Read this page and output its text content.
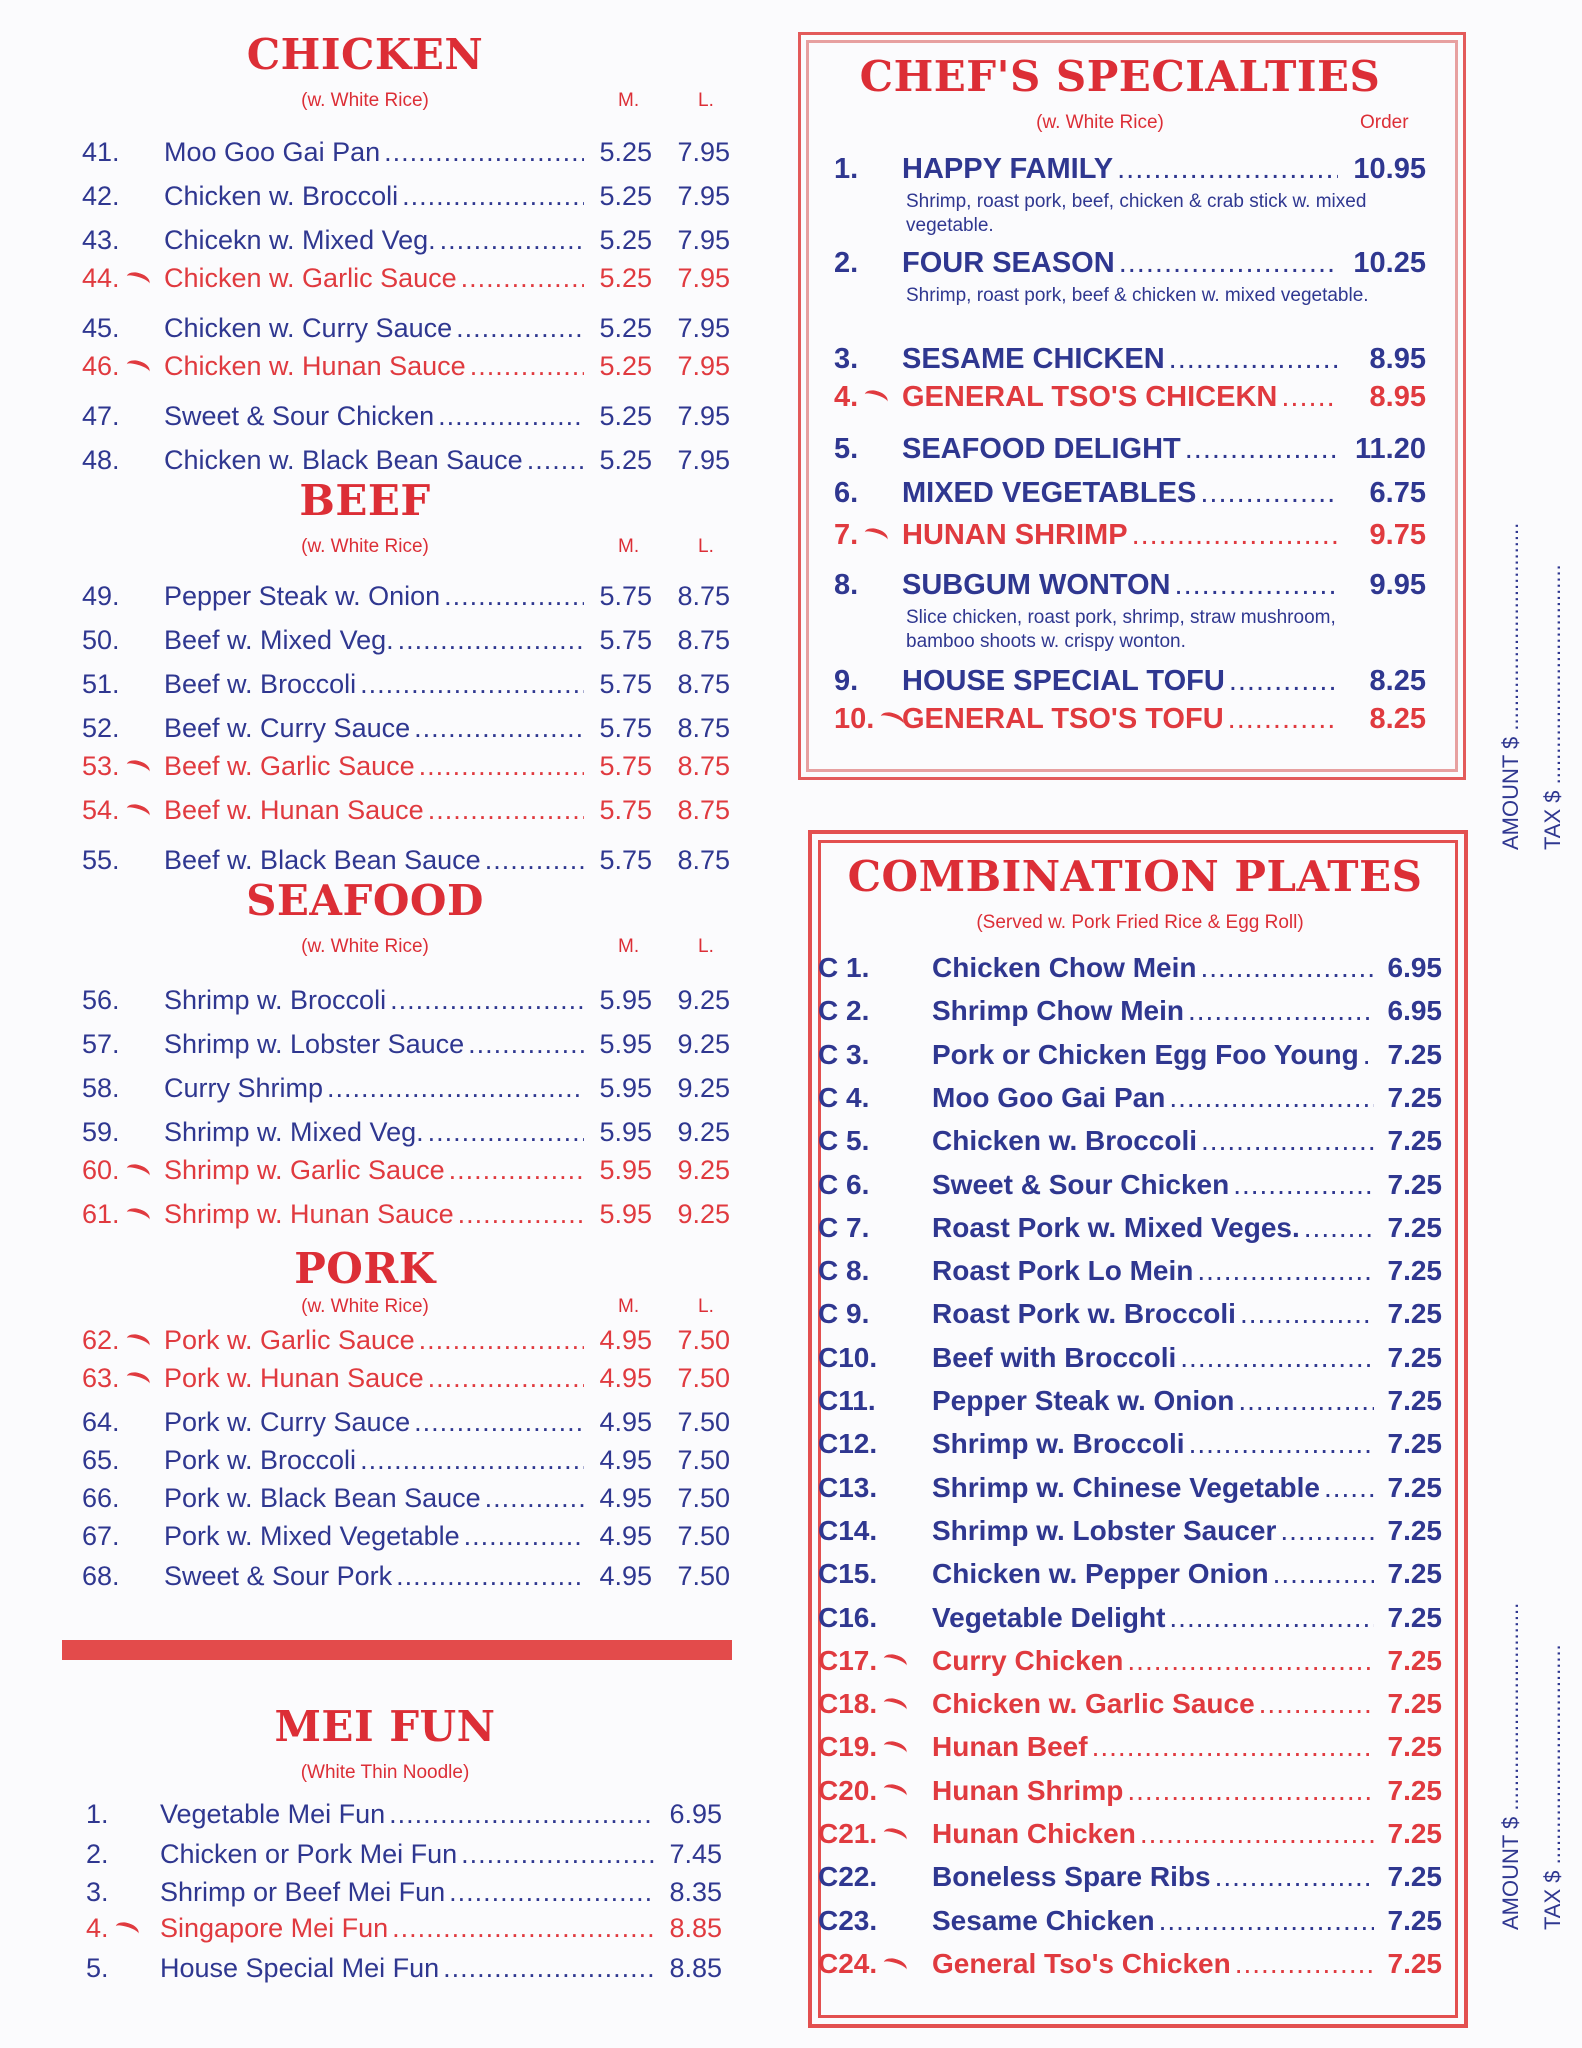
CHICKEN
(w. White Rice)	M.	L.
41.	Moo Goo Gai Pan .....	5.25 7.95
42.	Chicken w. Broccoli .....	5.25 7.95
43.	Chicekn w. Mixed Veg. .....	5.25 7.95
44.	Chicken w. Garlic Sauce .....	5.25 7.95
45.	Chicken w. Curry Sauce .....	5.25 7.95
46.	Chicken w. Hunan Sauce .....	5.25 7.95
47.	Sweet & Sour Chicken .....	5.25 7.95
48.	Chicken w. Black Bean Sauce .....	5.25 7.95
BEEF
(w. White Rice)	M.	L.
49.	Pepper Steak w. Onion .....	5.75 8.75
50.	Beef w. Mixed Veg. .....	5.75 8.75
51.	Beef w. Broccoli .....	5.75 8.75
52.	Beef w. Curry Sauce .....	5.75 8.75
53.	Beef w. Garlic Sauce .....	5.75 8.75
54.	Beef w. Hunan Sauce .....	5.75 8.75
55.	Beef w. Black Bean Sauce .....	5.75 8.75
SEAFOOD
(w. White Rice)	M.	L.
56.	Shrimp w. Broccoli .....	5.95 9.25
57.	Shrimp w. Lobster Sauce .....	5.95 9.25
58.	Curry Shrimp .....	5.95 9.25
59.	Shrimp w. Mixed Veg. .....	5.95 9.25
60.	Shrimp w. Garlic Sauce .....	5.95 9.25
61.	Shrimp w. Hunan Sauce .....	5.95 9.25
PORK
(w. White Rice)	M.	L.
62.	Pork w. Garlic Sauce .....	4.95 7.50
63.	Pork w. Hunan Sauce .....	4.95 7.50
64.	Pork w. Curry Sauce .....	4.95 7.50
65.	Pork w. Broccoli .....	4.95 7.50
66.	Pork w. Black Bean Sauce .....	4.95 7.50
67.	Pork w. Mixed Vegetable .....	4.95 7.50
68.	Sweet & Sour Pork .....	4.95 7.50
MEI FUN
(White Thin Noodle)
1.	Vegetable Mei Fun .....	6.95
2.	Chicken or Pork Mei Fun .....	7.45
3.	Shrimp or Beef Mei Fun .....	8.35
4.	Singapore Mei Fun .....	8.85
5.	House Special Mei Fun .....	8.85
CHEF'S SPECIALTIES
(w. White Rice)	Order
1.	HAPPY FAMILY .....	10.95
Shrimp, roast pork, beef, chicken & crab stick w. mixed vegetable.
2.	FOUR SEASON .....	10.25
Shrimp, roast pork, beef & chicken w. mixed vegetable.
3.	SESAME CHICKEN .....	8.95
4.	GENERAL TSO'S CHICEKN .....	8.95
5.	SEAFOOD DELIGHT .....	11.20
6.	MIXED VEGETABLES .....	6.75
7.	HUNAN SHRIMP .....	9.75
8.	SUBGUM WONTON .....	9.95
Slice chicken, roast pork, shrimp, straw mushroom, bamboo shoots w. crispy wonton.
9.	HOUSE SPECIAL TOFU .....	8.25
10. GENERAL TSO'S TOFU .....	8.25
COMBINATION PLATES
(Served w. Pork Fried Rice & Egg Roll)
C 1.	Chicken Chow Mein .....	6.95
C 2.	Shrimp Chow Mein .....	6.95
C 3.	Pork or Chicken Egg Foo Young .....	7.25
C 4.	Moo Goo Gai Pan .....	7.25
C 5.	Chicken w. Broccoli .....	7.25
C 6.	Sweet & Sour Chicken .....	7.25
C 7.	Roast Pork w. Mixed Veges. .....	7.25
C 8.	Roast Pork Lo Mein .....	7.25
C 9.	Roast Pork w. Broccoli .....	7.25
C10.	Beef with Broccoli .....	7.25
C11.	Pepper Steak w. Onion .....	7.25
C12.	Shrimp w. Broccoli .....	7.25
C13.	Shrimp w. Chinese Vegetable .....	7.25
C14.	Shrimp w. Lobster Saucer .....	7.25
C15.	Chicken w. Pepper Onion .....	7.25
C16.	Vegetable Delight .....	7.25
C17.	Curry Chicken .....	7.25
C18.	Chicken w. Garlic Sauce .....	7.25
C19.	Hunan Beef .....	7.25
C20.	Hunan Shrimp .....	7.25
C21.	Hunan Chicken .....	7.25
C22.	Boneless Spare Ribs .....	7.25
C23.	Sesame Chicken .....	7.25
C24.	General Tso's Chicken .....	7.25
AMOUNT $ ..................................
TAX $ ....................................
AMOUNT $ ..................................
TAX $ ....................................
